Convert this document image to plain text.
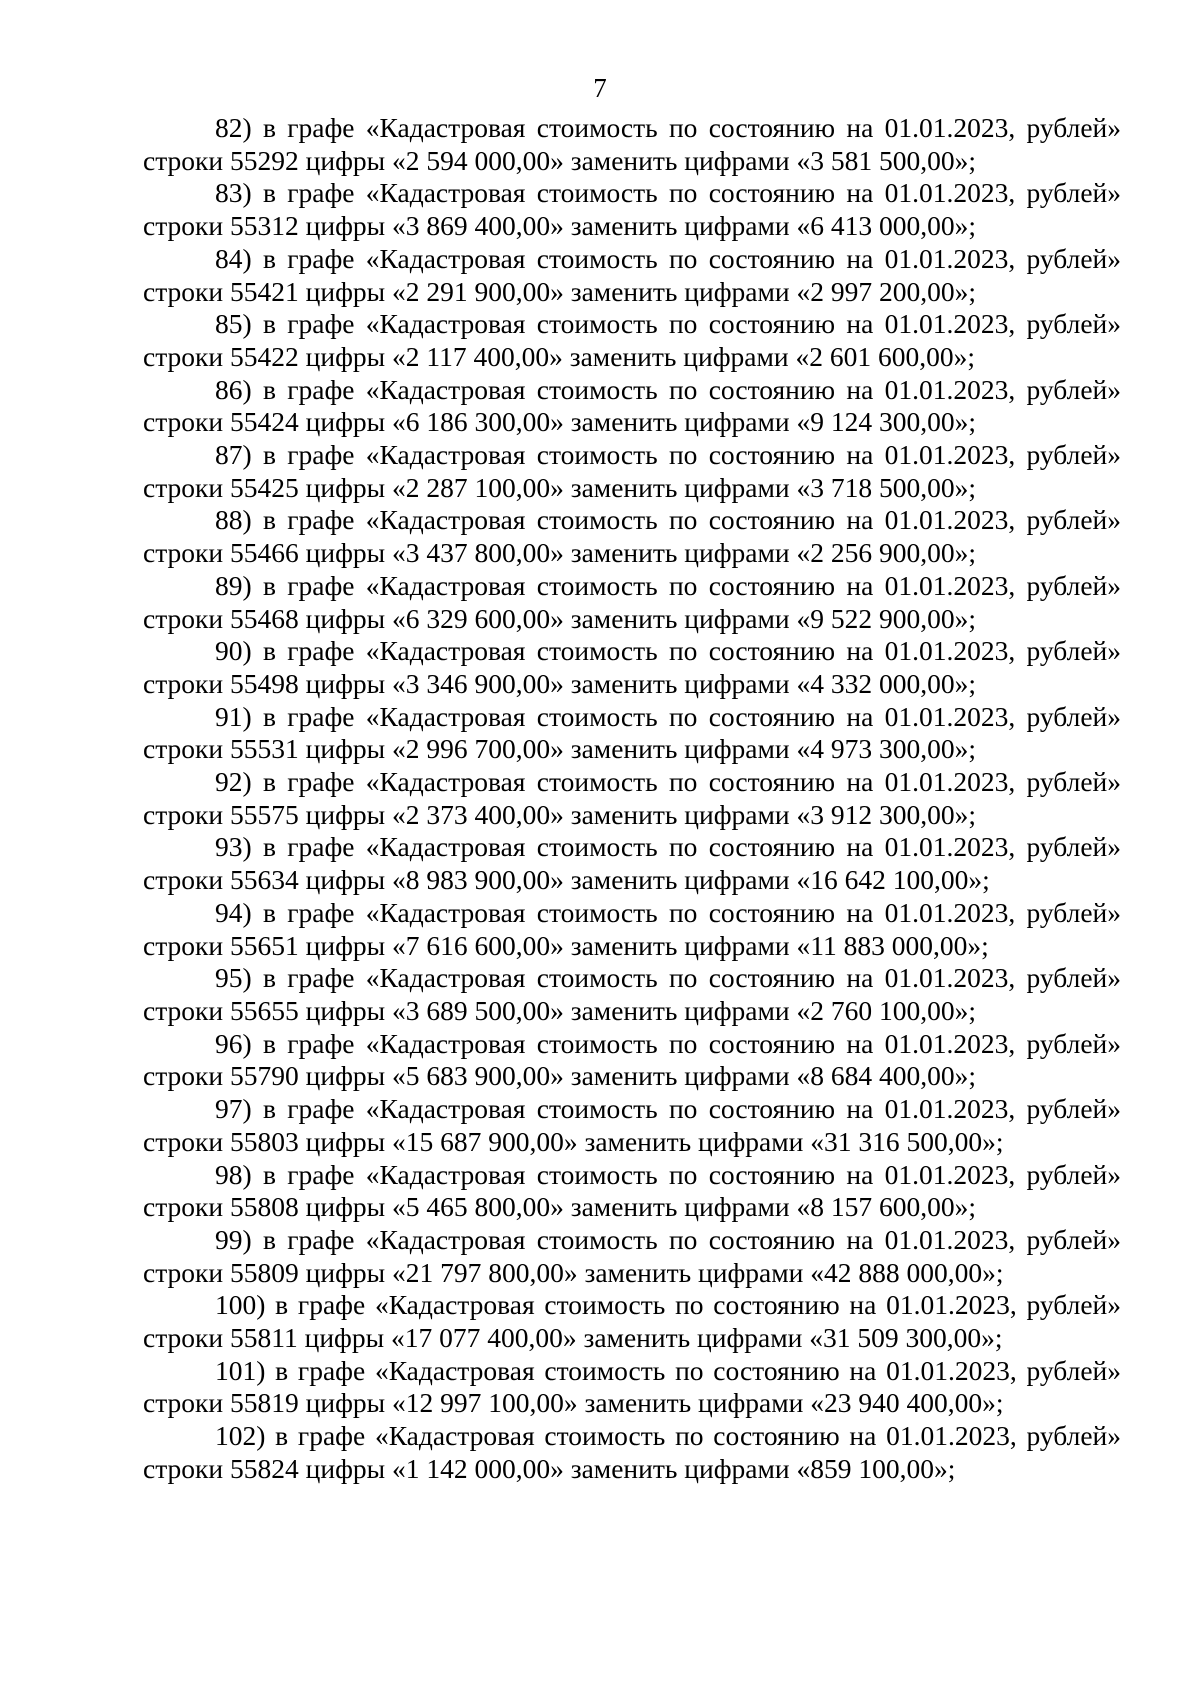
7

82) в графе «Кадастровая стоимость по состоянию на 01.01.2023, рублей» строки 55292 цифры «2 594 000,00» заменить цифрами «3 581 500,00»;

83) в графе «Кадастровая стоимость по состоянию на 01.01.2023, рублей» строки 55312 цифры «3 869 400,00» заменить цифрами «6 413 000,00»;

84) в графе «Кадастровая стоимость по состоянию на 01.01.2023, рублей» строки 55421 цифры «2 291 900,00» заменить цифрами «2 997 200,00»;

85) в графе «Кадастровая стоимость по состоянию на 01.01.2023, рублей» строки 55422 цифры «2 117 400,00» заменить цифрами «2 601 600,00»;

86) в графе «Кадастровая стоимость по состоянию на 01.01.2023, рублей» строки 55424 цифры «6 186 300,00» заменить цифрами «9 124 300,00»;

87) в графе «Кадастровая стоимость по состоянию на 01.01.2023, рублей» строки 55425 цифры «2 287 100,00» заменить цифрами «3 718 500,00»;

88) в графе «Кадастровая стоимость по состоянию на 01.01.2023, рублей» строки 55466 цифры «3 437 800,00» заменить цифрами «2 256 900,00»;

89) в графе «Кадастровая стоимость по состоянию на 01.01.2023, рублей» строки 55468 цифры «6 329 600,00» заменить цифрами «9 522 900,00»;

90) в графе «Кадастровая стоимость по состоянию на 01.01.2023, рублей» строки 55498 цифры «3 346 900,00» заменить цифрами «4 332 000,00»;

91) в графе «Кадастровая стоимость по состоянию на 01.01.2023, рублей» строки 55531 цифры «2 996 700,00» заменить цифрами «4 973 300,00»;

92) в графе «Кадастровая стоимость по состоянию на 01.01.2023, рублей» строки 55575 цифры «2 373 400,00» заменить цифрами «3 912 300,00»;

93) в графе «Кадастровая стоимость по состоянию на 01.01.2023, рублей» строки 55634 цифры «8 983 900,00» заменить цифрами «16 642 100,00»;

94) в графе «Кадастровая стоимость по состоянию на 01.01.2023, рублей» строки 55651 цифры «7 616 600,00» заменить цифрами «11 883 000,00»;

95) в графе «Кадастровая стоимость по состоянию на 01.01.2023, рублей» строки 55655 цифры «3 689 500,00» заменить цифрами «2 760 100,00»;

96) в графе «Кадастровая стоимость по состоянию на 01.01.2023, рублей» строки 55790 цифры «5 683 900,00» заменить цифрами «8 684 400,00»;

97) в графе «Кадастровая стоимость по состоянию на 01.01.2023, рублей» строки 55803 цифры «15 687 900,00» заменить цифрами «31 316 500,00»;

98) в графе «Кадастровая стоимость по состоянию на 01.01.2023, рублей» строки 55808 цифры «5 465 800,00» заменить цифрами «8 157 600,00»;

99) в графе «Кадастровая стоимость по состоянию на 01.01.2023, рублей» строки 55809 цифры «21 797 800,00» заменить цифрами «42 888 000,00»;

100) в графе «Кадастровая стоимость по состоянию на 01.01.2023, рублей» строки 55811 цифры «17 077 400,00» заменить цифрами «31 509 300,00»;

101) в графе «Кадастровая стоимость по состоянию на 01.01.2023, рублей» строки 55819 цифры «12 997 100,00» заменить цифрами «23 940 400,00»;

102) в графе «Кадастровая стоимость по состоянию на 01.01.2023, рублей» строки 55824 цифры «1 142 000,00» заменить цифрами «859 100,00»;
